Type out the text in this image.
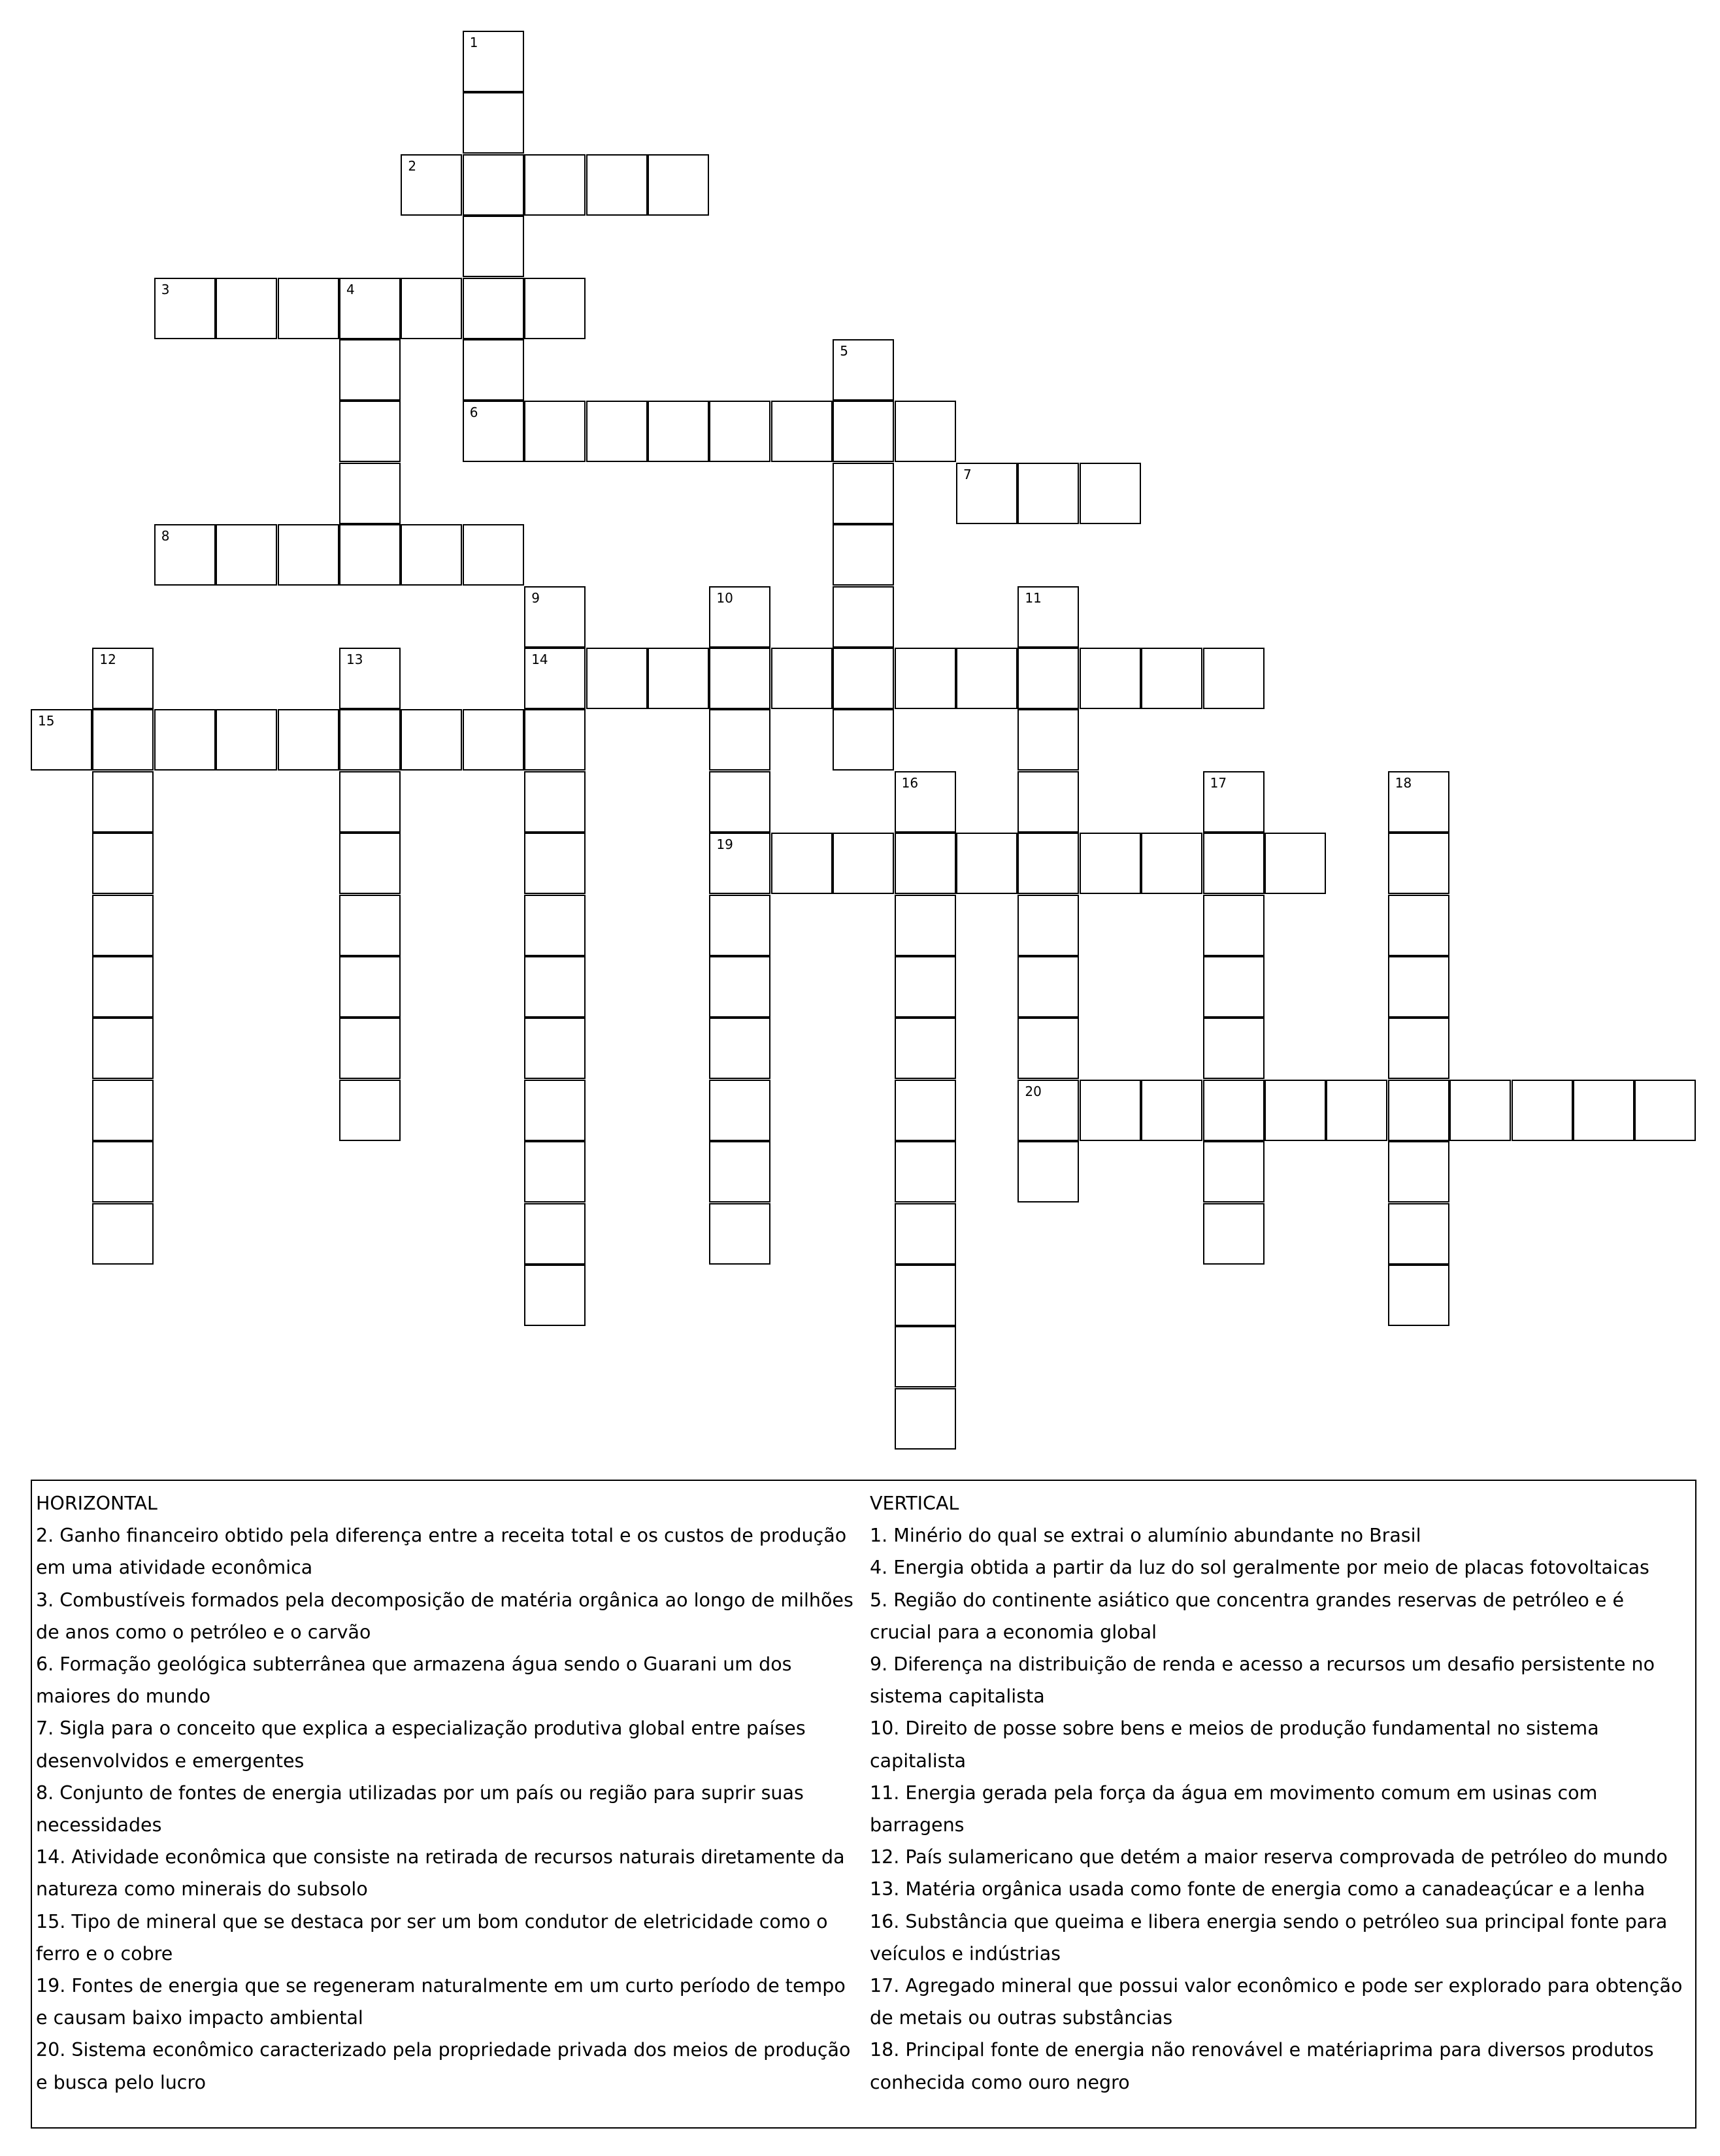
1
2
3	4
5
6
7
8
9
14
10
19
11
20
12	13
15
16	17	18

HORIZONTAL

2. Ganho financeiro obtido pela diferença entre a receita total e os custos de produção em uma atividade econômica

3. Combustíveis formados pela decomposição de matéria orgânica ao longo de milhões de anos como o petróleo e o carvão

6. Formação geológica subterrânea que armazena água sendo o Guarani um dos maiores do mundo

7. Sigla para o conceito que explica a especialização produtiva global entre países desenvolvidos e emergentes

8. Conjunto de fontes de energia utilizadas por um país ou região para suprir suas necessidades

14. Atividade econômica que consiste na retirada de recursos naturais diretamente da natureza como minerais do subsolo

15. Tipo de mineral que se destaca por ser um bom condutor de eletricidade como o ferro e o cobre

19. Fontes de energia que se regeneram naturalmente em um curto período de tempo e causam baixo impacto ambiental

20. Sistema econômico caracterizado pela propriedade privada dos meios de produção e busca pelo lucro

VERTICAL

1. Minério do qual se extrai o alumínio abundante no Brasil

4. Energia obtida a partir da luz do sol geralmente por meio de placas fotovoltaicas

5. Região do continente asiático que concentra grandes reservas de petróleo e é crucial para a economia global

9. Diferença na distribuição de renda e acesso a recursos um desafio persistente no sistema capitalista

10. Direito de posse sobre bens e meios de produção fundamental no sistema capitalista

11. Energia gerada pela força da água em movimento comum em usinas com barragens

12. País sulamericano que detém a maior reserva comprovada de petróleo do mundo

13. Matéria orgânica usada como fonte de energia como a canadeaçúcar e a lenha

16. Substância que queima e libera energia sendo o petróleo sua principal fonte para veículos e indústrias

17. Agregado mineral que possui valor econômico e pode ser explorado para obtenção de metais ou outras substâncias

18. Principal fonte de energia não renovável e matériaprima para diversos produtos conhecida como ouro negro
